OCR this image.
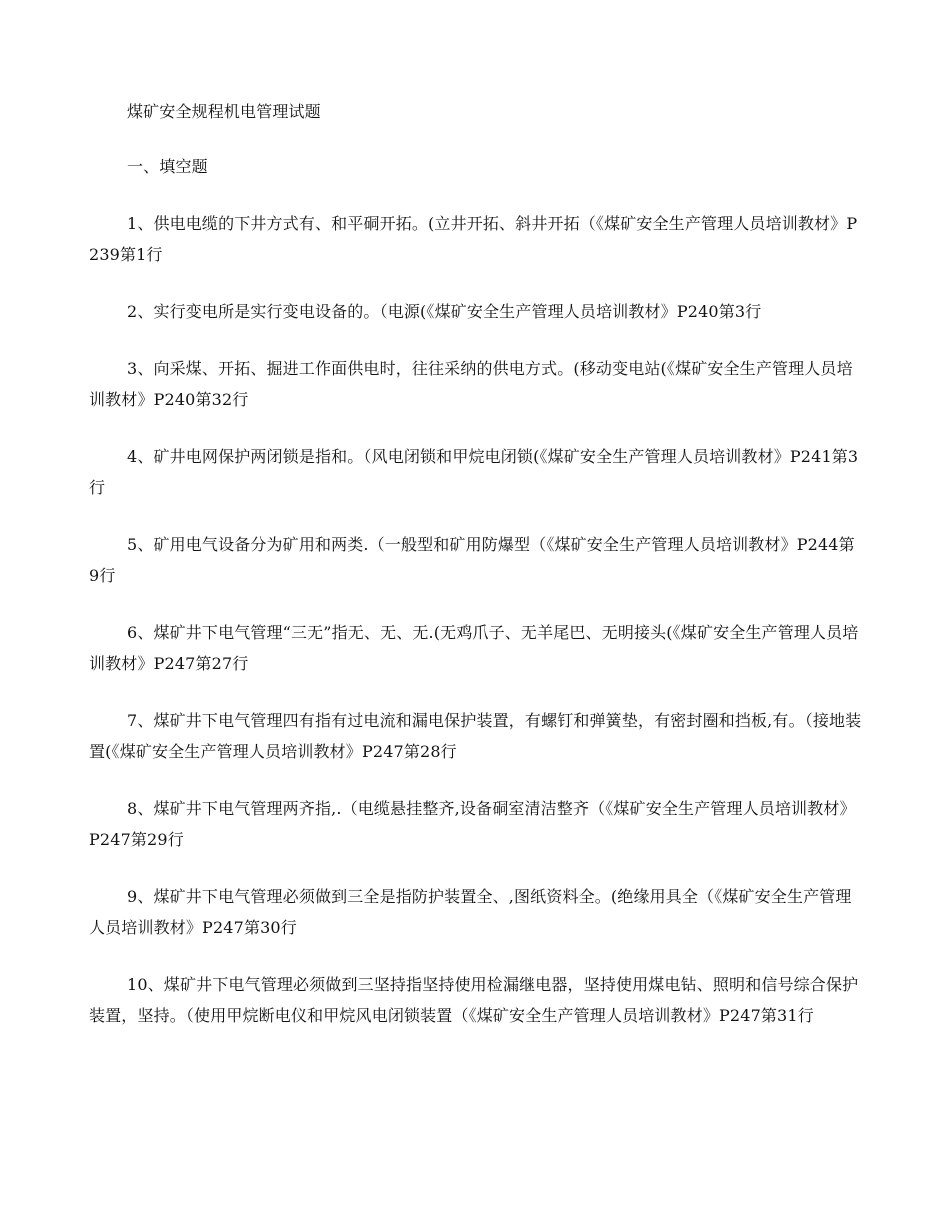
煤矿安全规程机电管理试题

一、填空题

1、供电电缆的下井方式有、和平硐开拓。(立井开拓、斜井开拓（《煤矿安全生产管理人员培训教材》P239第1行

2、实行变电所是实行变电设备的。（电源(《煤矿安全生产管理人员培训教材》P240第3行

3、向采煤、开拓、掘进工作面供电时，往往采纳的供电方式。(移动变电站(《煤矿安全生产管理人员培训教材》P240第32行

4、矿井电网保护两闭锁是指和。（风电闭锁和甲烷电闭锁(《煤矿安全生产管理人员培训教材》P241第3行

5、矿用电气设备分为矿用和两类.（一般型和矿用防爆型（《煤矿安全生产管理人员培训教材》P244第9行

6、煤矿井下电气管理“三无”指无、无、无.(无鸡爪子、无羊尾巴、无明接头(《煤矿安全生产管理人员培训教材》P247第27行

7、煤矿井下电气管理四有指有过电流和漏电保护装置，有螺钉和弹簧垫，有密封圈和挡板,有。（接地装置(《煤矿安全生产管理人员培训教材》P247第28行

8、煤矿井下电气管理两齐指,.（电缆悬挂整齐,设备硐室清洁整齐（《煤矿安全生产管理人员培训教材》P247第29行

9、煤矿井下电气管理必须做到三全是指防护装置全、,图纸资料全。(绝缘用具全（《煤矿安全生产管理人员培训教材》P247第30行

10、煤矿井下电气管理必须做到三坚持指坚持使用检漏继电器，坚持使用煤电钻、照明和信号综合保护装置，坚持。（使用甲烷断电仪和甲烷风电闭锁装置（《煤矿安全生产管理人员培训教材》P247第31行
